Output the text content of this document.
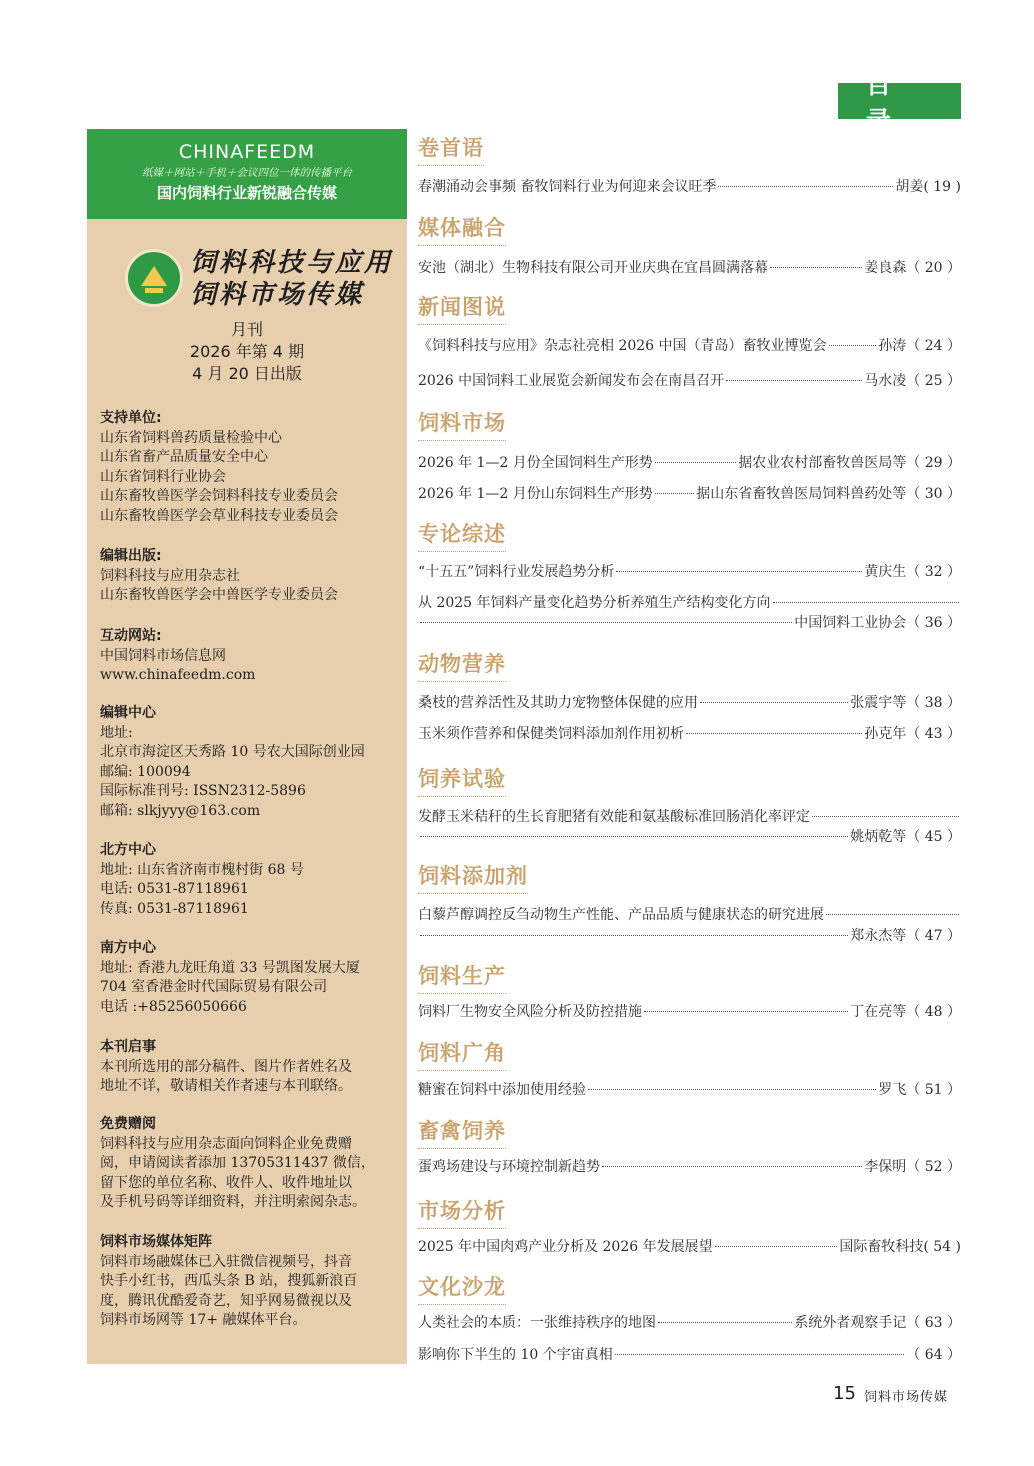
目 录
CHINAFEEDM
纸媒＋网站＋手机＋会议四位一体的传播平台
国内饲料行业新锐融合传媒
饲料科技与应用
饲料市场传媒
月刊
2026 年第 4 期
4 月 20 日出版
支持单位:
山东省饲料兽药质量检验中心
山东省畜产品质量安全中心
山东省饲料行业协会
山东畜牧兽医学会饲料科技专业委员会
山东畜牧兽医学会草业科技专业委员会
编辑出版:
饲料科技与应用杂志社
山东畜牧兽医学会中兽医学专业委员会
互动网站:
中国饲料市场信息网
www.chinafeedm.com
编辑中心
地址:
北京市海淀区天秀路 10 号农大国际创业园
邮编: 100094
国际标准刊号: ISSN2312-5896
邮箱: slkjyyy@163.com
北方中心
地址: 山东省济南市槐村街 68 号
电话: 0531-87118961
传真: 0531-87118961
南方中心
地址: 香港九龙旺角道 33 号凯图发展大厦
704 室香港金时代国际贸易有限公司
电话 :+85256050666
本刊启事
本刊所选用的部分稿件、图片作者姓名及
地址不详，敬请相关作者速与本刊联络。
免费赠阅
饲料科技与应用杂志面向饲料企业免费赠
阅，申请阅读者添加 13705311437 微信，
留下您的单位名称、收件人、收件地址以
及手机号码等详细资料，并注明索阅杂志。
饲料市场媒体矩阵
饲料市场融媒体已入驻微信视频号，抖音
快手小红书，西瓜头条 B 站，搜狐新浪百
度，腾讯优酷爱奇艺，知乎网易微视以及
饲料市场网等 17+ 融媒体平台。
卷首语
春潮涌动会事频 畜牧饲料行业为何迎来会议旺季	胡姜( 19 )
媒体融合
安池（湖北）生物科技有限公司开业庆典在宜昌圆满落幕	姜良森（ 20 ）
新闻图说
《饲料科技与应用》杂志社亮相 2026 中国（青岛）畜牧业博览会	孙涛（ 24 ）
2026 中国饲料工业展览会新闻发布会在南昌召开	马水凌（ 25 ）
饲料市场
2026 年 1—2 月份全国饲料生产形势	据农业农村部畜牧兽医局等（ 29 ）
2026 年 1—2 月份山东饲料生产形势	据山东省畜牧兽医局饲料兽药处等（ 30 ）
专论综述
“十五五”饲料行业发展趋势分析	黄庆生（ 32 ）
从 2025 年饲料产量变化趋势分析养殖生产结构变化方向
中国饲料工业协会（ 36 ）
动物营养
桑枝的营养活性及其助力宠物整体保健的应用	张震宇等（ 38 ）
玉米须作营养和保健类饲料添加剂作用初析	孙克年（ 43 ）
饲养试验
发酵玉米秸秆的生长育肥猪有效能和氨基酸标准回肠消化率评定
姚炳乾等（ 45 ）
饲料添加剂
白藜芦醇调控反刍动物生产性能、产品品质与健康状态的研究进展
郑永杰等（ 47 ）
饲料生产
饲料厂生物安全风险分析及防控措施	丁在亮等（ 48 ）
饲料广角
糖蜜在饲料中添加使用经验	罗飞（ 51 ）
畜禽饲养
蛋鸡场建设与环境控制新趋势	李保明（ 52 ）
市场分析
2025 年中国肉鸡产业分析及 2026 年发展展望	国际畜牧科技( 54 )
文化沙龙
人类社会的本质：一张维持秩序的地图	系统外者观察手记（ 63 ）
影响你下半生的 10 个宇宙真相	（ 64 ）
15 饲料市场传媒
